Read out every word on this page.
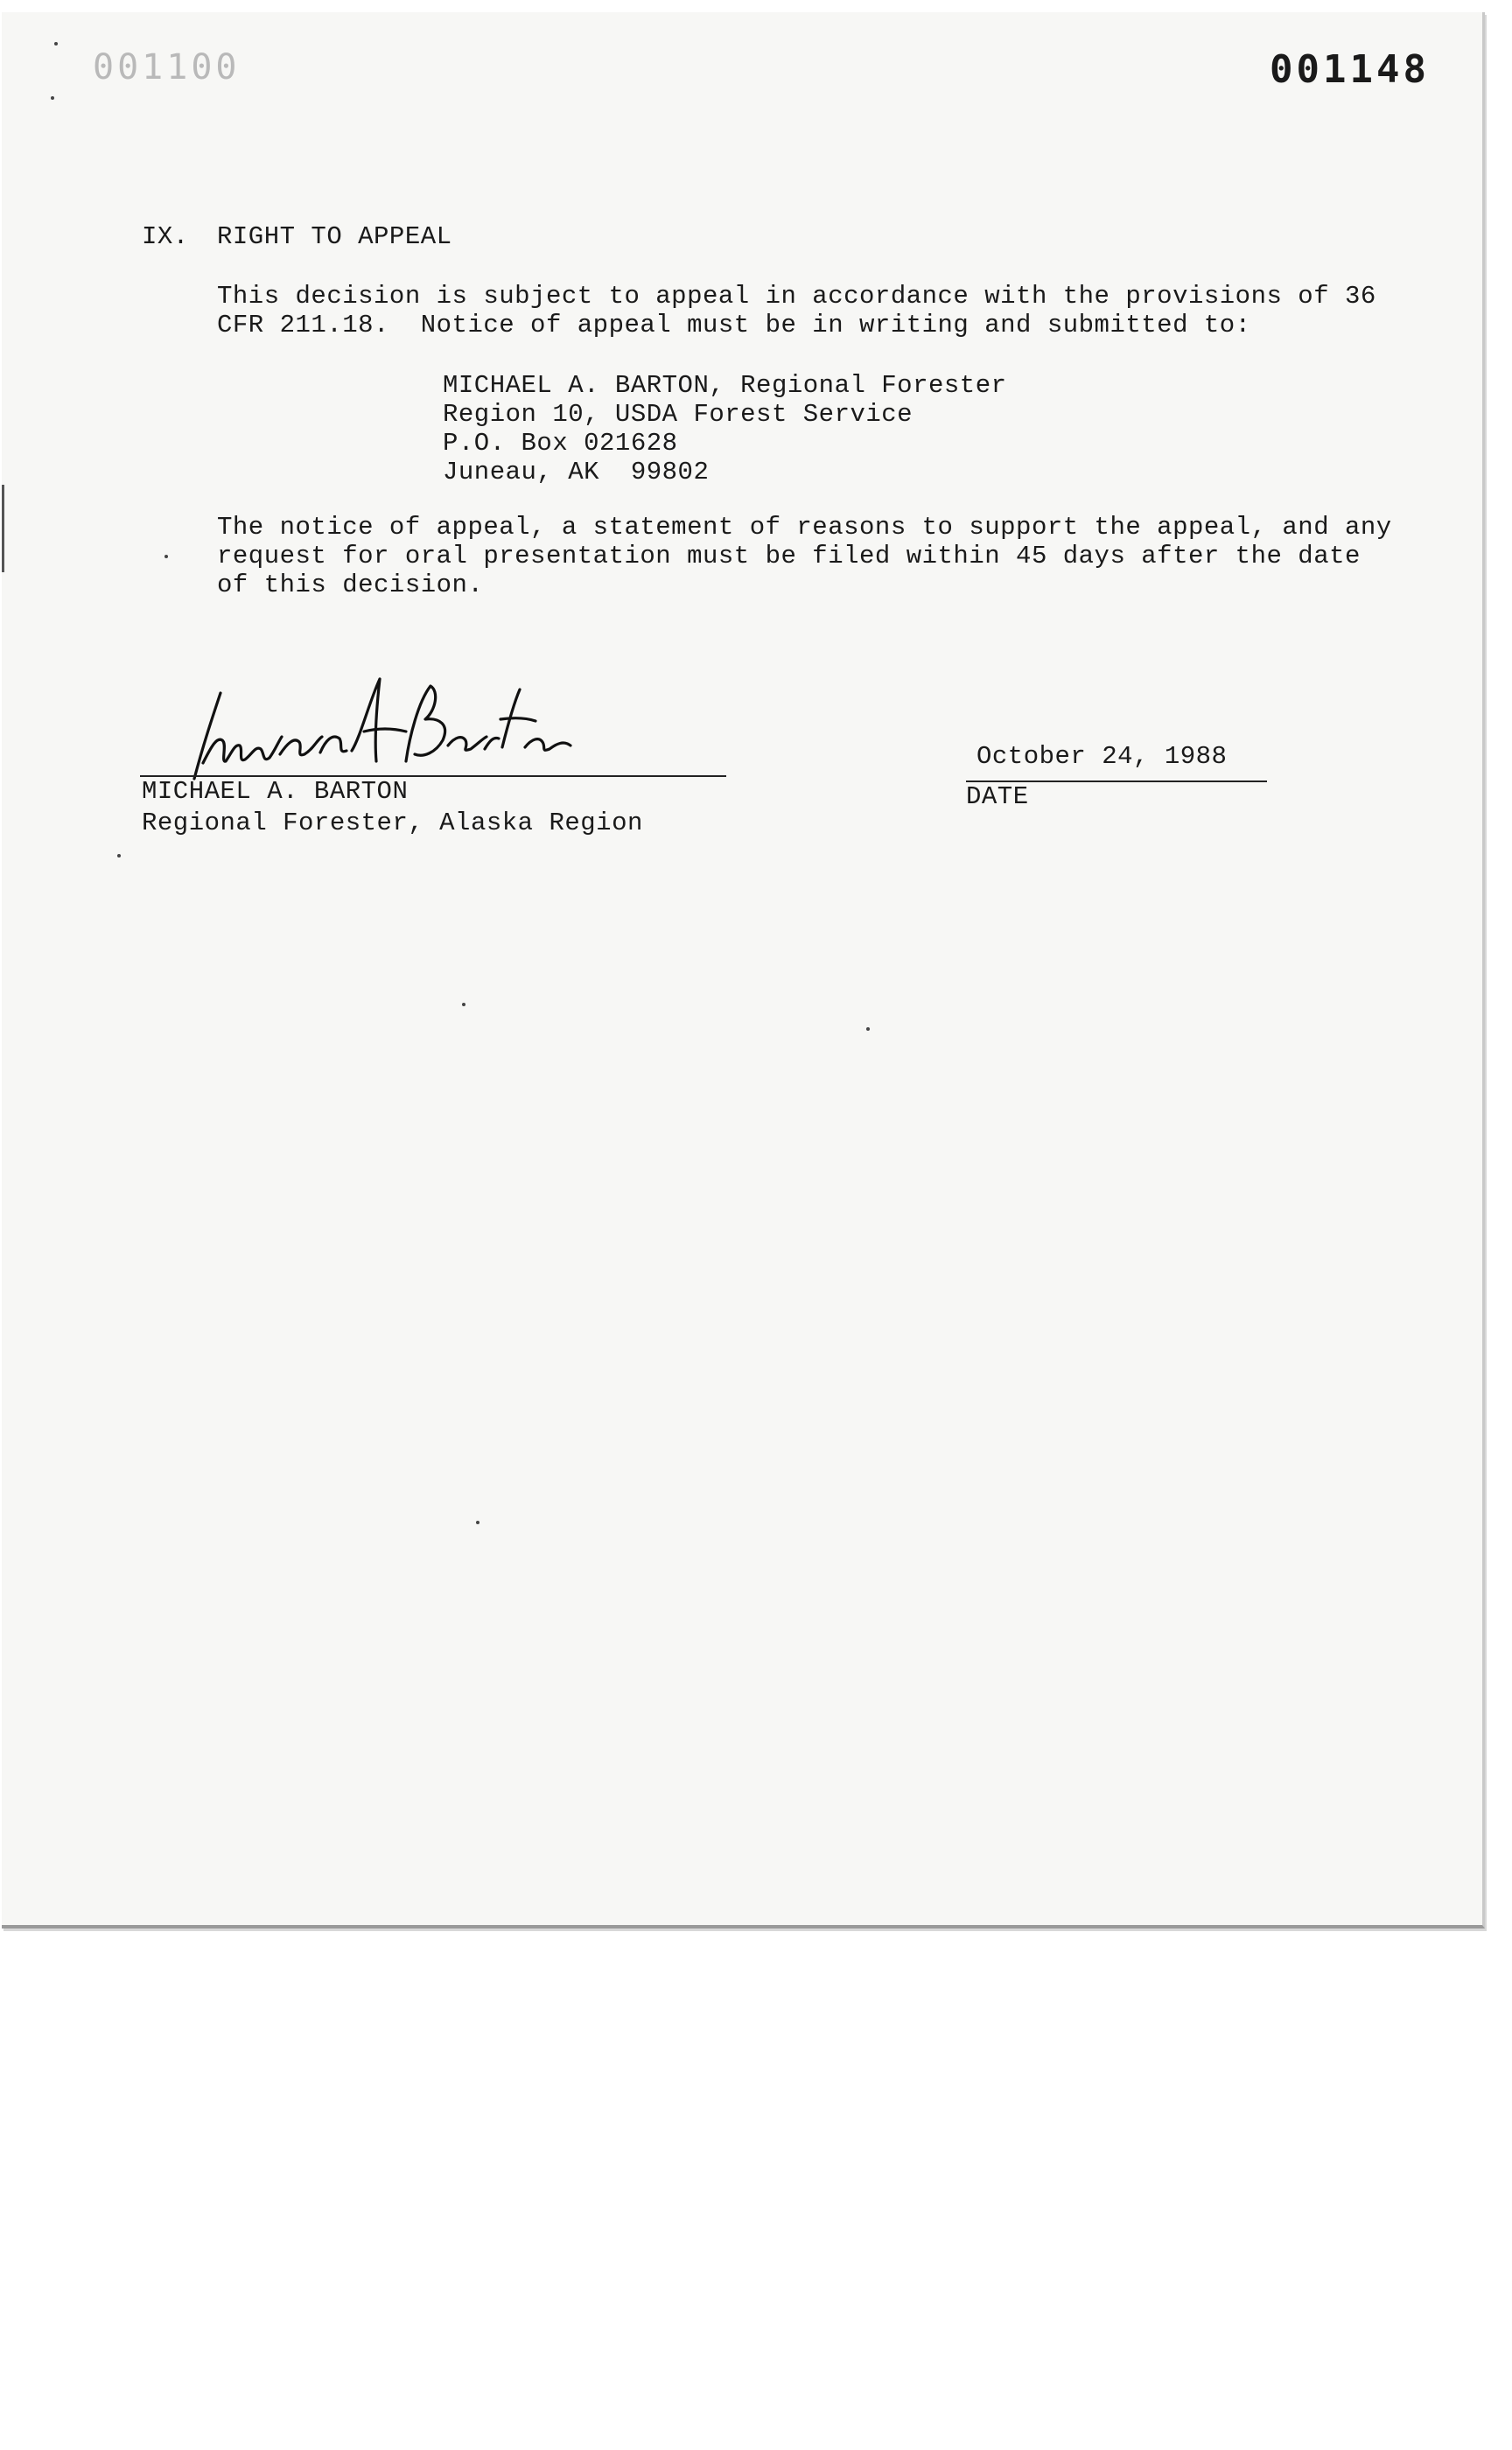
001100	001148
IX. RIGHT TO APPEAL
This decision is subject to appeal in accordance with the provisions of 36
CFR 211.18.  Notice of appeal must be in writing and submitted to:
MICHAEL A. BARTON, Regional Forester
Region 10, USDA Forest Service
P.O. Box 021628
Juneau, AK  99802
The notice of appeal, a statement of reasons to support the appeal, and any
request for oral presentation must be filed within 45 days after the date
of this decision.
MICHAEL A. BARTON
Regional Forester, Alaska Region
October 24, 1988
DATE
